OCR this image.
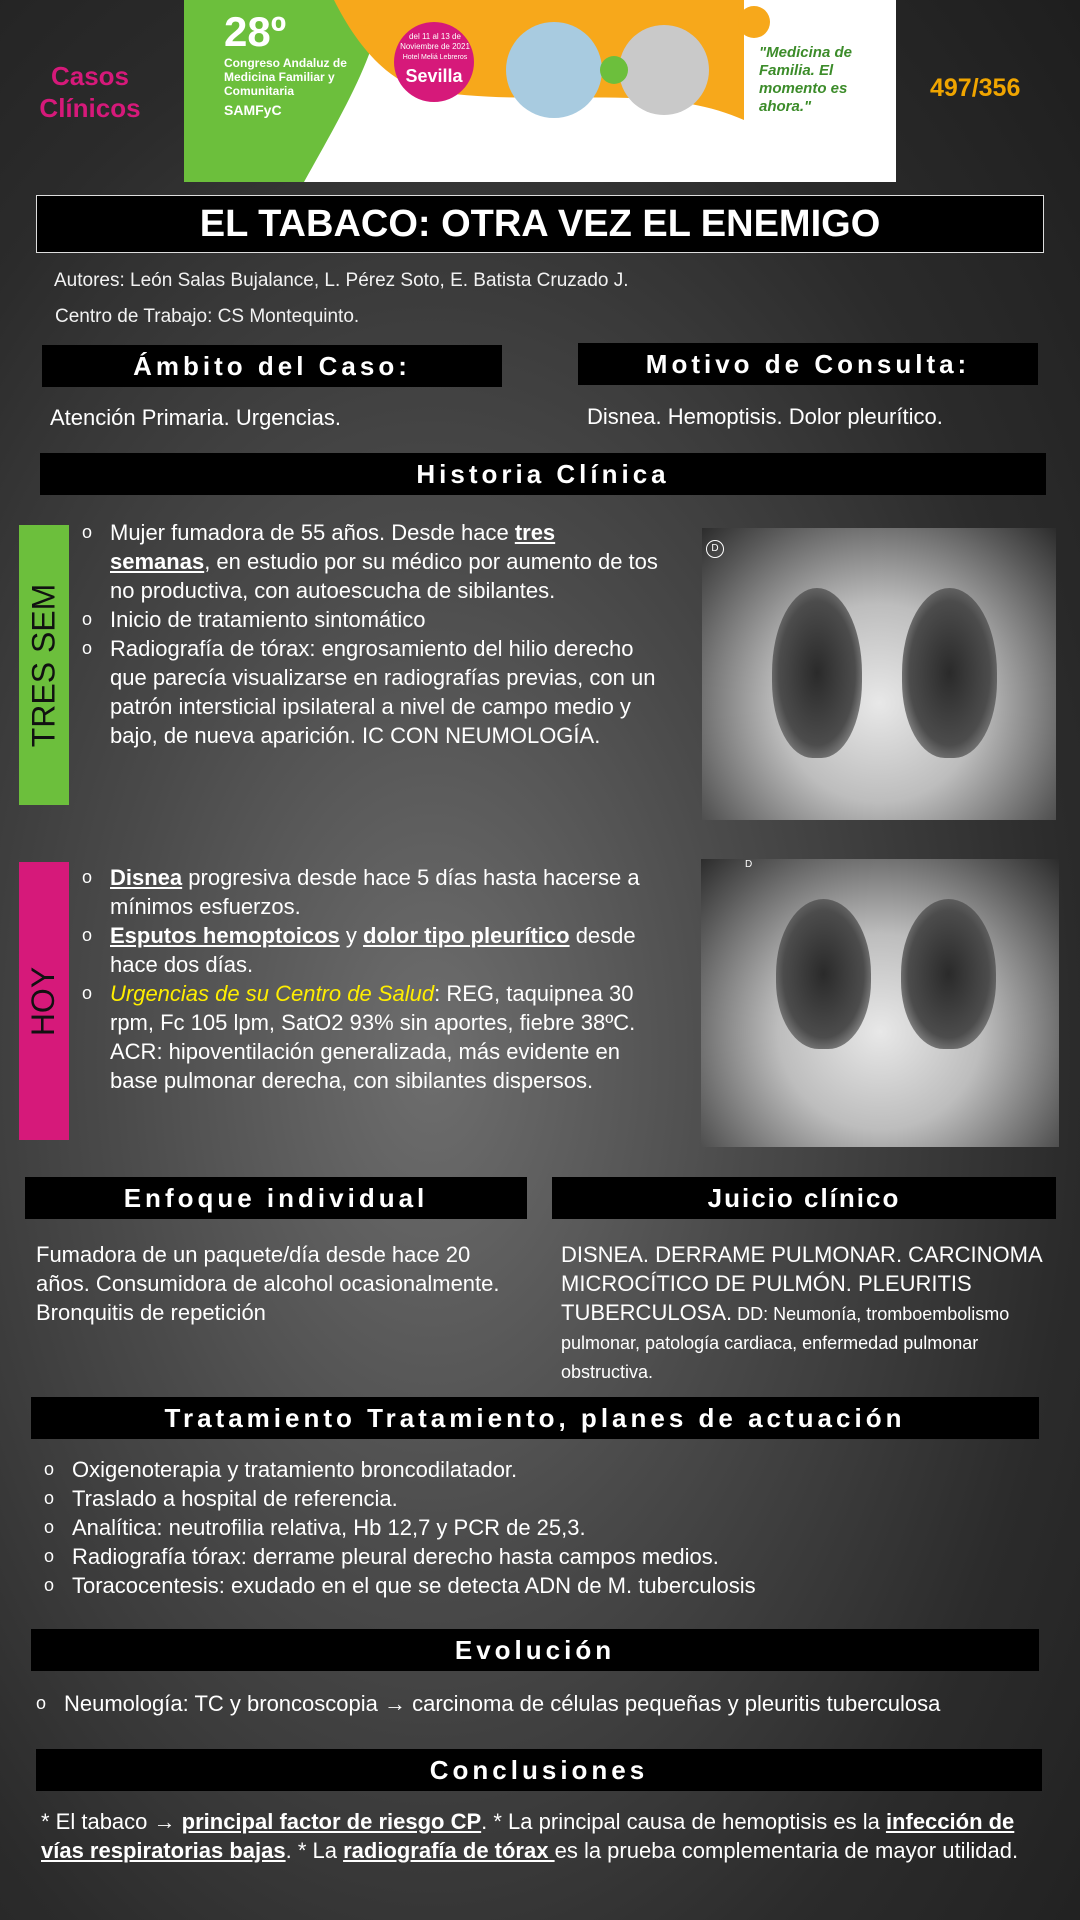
Casos Clínicos
28º
Congreso Andaluz de Medicina Familiar y Comunitaria
SAMFyC
del 11 al 13 de Noviembre de 2021
Hotel Meliá Lebreros
Sevilla
"Medicina de Familia. El momento es ahora."
497/356
EL TABACO: OTRA VEZ EL ENEMIGO
Autores: León Salas Bujalance, L. Pérez Soto, E. Batista Cruzado J.
Centro de Trabajo: CS Montequinto.
Ámbito del Caso:	Motivo de Consulta:
Atención Primaria. Urgencias.	Disnea. Hemoptisis. Dolor pleurítico.
Historia Clínica
TRES SEM
o Mujer fumadora de 55 años. Desde hace tres semanas, en estudio por su médico por aumento de tos no productiva, con autoescucha de sibilantes.
o Inicio de tratamiento sintomático
o Radiografía de tórax: engrosamiento del hilio derecho que parecía visualizarse en radiografías previas, con un patrón intersticial ipsilateral a nivel de campo medio y bajo, de nueva aparición. IC CON NEUMOLOGÍA.
D
HOY
o Disnea progresiva desde hace 5 días hasta hacerse a mínimos esfuerzos.
o Esputos hemoptoicos y dolor tipo pleurítico desde hace dos días.
o Urgencias de su Centro de Salud: REG, taquipnea 30 rpm, Fc 105 lpm, SatO2 93% sin aportes, fiebre 38ºC. ACR: hipoventilación generalizada, más evidente en base pulmonar derecha, con sibilantes dispersos.
D
Enfoque individual	Juicio clínico
Fumadora de un paquete/día desde hace 20 años. Consumidora de alcohol ocasionalmente. Bronquitis de repetición
DISNEA. DERRAME PULMONAR. CARCINOMA MICROCÍTICO DE PULMÓN. PLEURITIS TUBERCULOSA. DD: Neumonía, tromboembolismo pulmonar, patología cardiaca, enfermedad pulmonar obstructiva.
Tratamiento Tratamiento, planes de actuación
o Oxigenoterapia y tratamiento broncodilatador.
o Traslado a hospital de referencia.
o Analítica: neutrofilia relativa, Hb 12,7 y PCR de 25,3.
o Radiografía tórax: derrame pleural derecho hasta campos medios.
o Toracocentesis: exudado en el que se detecta ADN de M. tuberculosis
Evolución
o Neumología: TC y broncoscopia → carcinoma de células pequeñas y pleuritis tuberculosa
Conclusiones
* El tabaco → principal factor de riesgo CP. * La principal causa de hemoptisis es la infección de vías respiratorias bajas. * La radiografía de tórax es la prueba complementaria de mayor utilidad.
